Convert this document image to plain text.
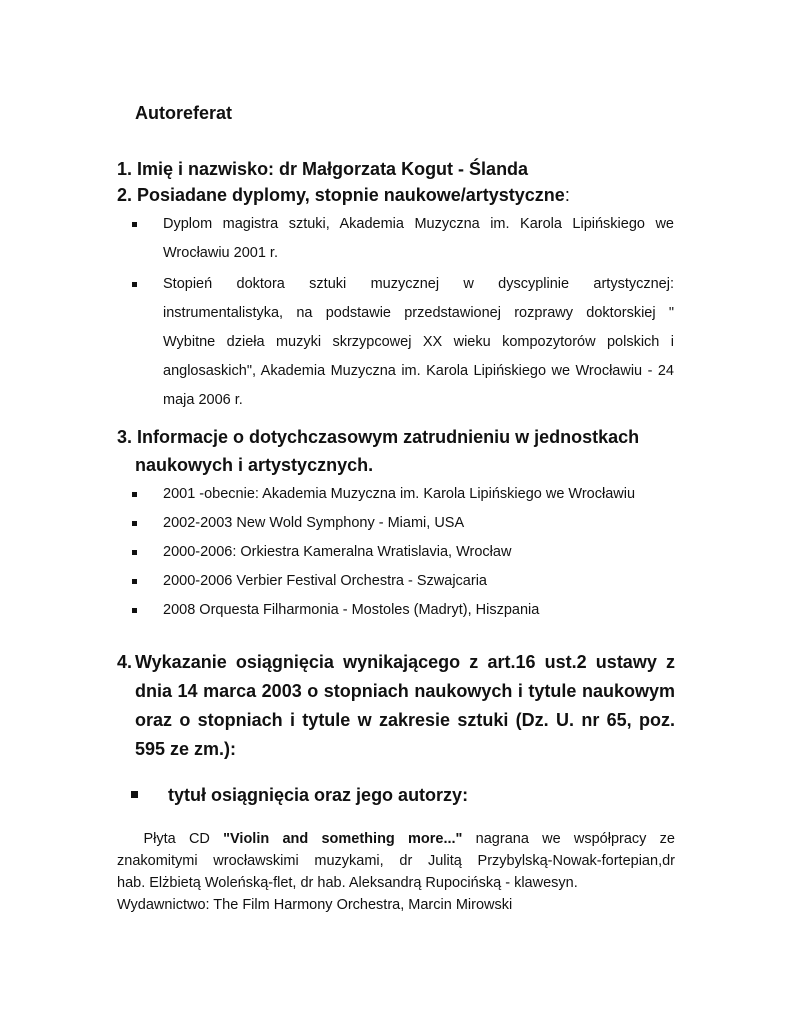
Autoreferat
1. Imię i nazwisko: dr Małgorzata Kogut - Ślanda
2. Posiadane dyplomy, stopnie naukowe/artystyczne:
Dyplom magistra sztuki, Akademia Muzyczna im. Karola Lipińskiego we Wrocławiu 2001 r.
Stopień doktora sztuki muzycznej w dyscyplinie artystycznej: instrumentalistyka, na podstawie przedstawionej rozprawy doktorskiej " Wybitne dzieła muzyki skrzypcowej XX wieku kompozytorów polskich i anglosaskich", Akademia Muzyczna im. Karola Lipińskiego we Wrocławiu - 24 maja 2006 r.
3. Informacje o dotychczasowym zatrudnieniu w jednostkach
naukowych i artystycznych.
2001 -obecnie: Akademia Muzyczna im. Karola Lipińskiego we Wrocławiu
2002-2003 New Wold Symphony - Miami, USA
2000-2006: Orkiestra Kameralna Wratislavia, Wrocław
2000-2006 Verbier Festival Orchestra - Szwajcaria
2008 Orquesta Filharmonia - Mostoles (Madryt), Hiszpania

4. Wykazanie osiągnięcia wynikającego z art.16 ust.2 ustawy z dnia 14 marca 2003 o stopniach naukowych i tytule naukowym oraz o stopniach i tytule w zakresie sztuki (Dz. U. nr 65, poz. 595 ze zm.):

tytuł osiągnięcia oraz jego autorzy:
Płyta CD "Violin and something more..." nagrana we współpracy ze
znakomitymi wrocławskimi muzykami, dr Julitą Przybylską-Nowak-fortepian,dr
hab. Elżbietą Woleńską-flet, dr hab. Aleksandrą Rupocińską - klawesyn.
Wydawnictwo: The Film Harmony Orchestra, Marcin Mirowski
